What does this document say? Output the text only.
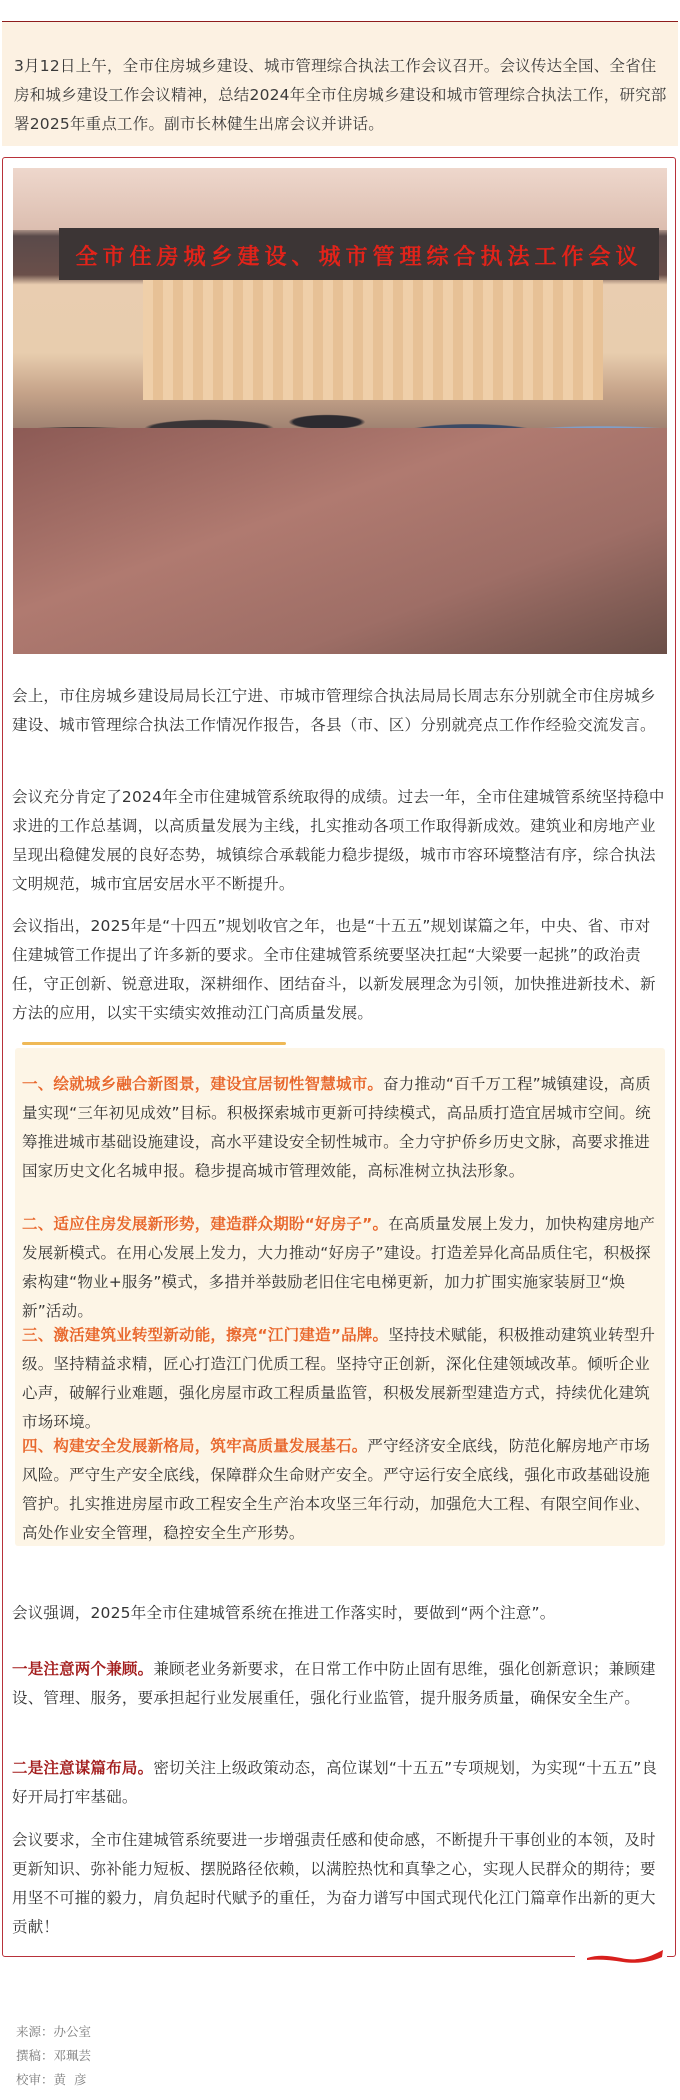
3月12日上午，全市住房城乡建设、城市管理综合执法工作会议召开。会议传达全国、全省住房和城乡建设工作会议精神，总结2024年全市住房城乡建设和城市管理综合执法工作，研究部署2025年重点工作。副市长林健生出席会议并讲话。

全市住房城乡建设、城市管理综合执法工作会议

会上，市住房城乡建设局局长江宁进、市城市管理综合执法局局长周志东分别就全市住房城乡建设、城市管理综合执法工作情况作报告，各县（市、区）分别就亮点工作作经验交流发言。

会议充分肯定了2024年全市住建城管系统取得的成绩。过去一年，全市住建城管系统坚持稳中求进的工作总基调，以高质量发展为主线，扎实推动各项工作取得新成效。建筑业和房地产业呈现出稳健发展的良好态势，城镇综合承载能力稳步提级，城市市容环境整洁有序，综合执法文明规范，城市宜居安居水平不断提升。

会议指出，2025年是“十四五”规划收官之年，也是“十五五”规划谋篇之年，中央、省、市对住建城管工作提出了许多新的要求。全市住建城管系统要坚决扛起“大梁要一起挑”的政治责任，守正创新、锐意进取，深耕细作、团结奋斗，以新发展理念为引领，加快推进新技术、新方法的应用，以实干实绩实效推动江门高质量发展。

一、绘就城乡融合新图景，建设宜居韧性智慧城市。奋力推动“百千万工程”城镇建设，高质量实现“三年初见成效”目标。积极探索城市更新可持续模式，高品质打造宜居城市空间。统筹推进城市基础设施建设，高水平建设安全韧性城市。全力守护侨乡历史文脉，高要求推进国家历史文化名城申报。稳步提高城市管理效能，高标准树立执法形象。

二、适应住房发展新形势，建造群众期盼“好房子”。在高质量发展上发力，加快构建房地产发展新模式。在用心发展上发力，大力推动“好房子”建设。打造差异化高品质住宅，积极探索构建“物业+服务”模式，多措并举鼓励老旧住宅电梯更新，加力扩围实施家装厨卫“焕新”活动。

三、激活建筑业转型新动能，擦亮“江门建造”品牌。坚持技术赋能，积极推动建筑业转型升级。坚持精益求精，匠心打造江门优质工程。坚持守正创新，深化住建领域改革。倾听企业心声，破解行业难题，强化房屋市政工程质量监管，积极发展新型建造方式，持续优化建筑市场环境。

四、构建安全发展新格局，筑牢高质量发展基石。严守经济安全底线，防范化解房地产市场风险。严守生产安全底线，保障群众生命财产安全。严守运行安全底线，强化市政基础设施管护。扎实推进房屋市政工程安全生产治本攻坚三年行动，加强危大工程、有限空间作业、高处作业安全管理，稳控安全生产形势。

会议强调，2025年全市住建城管系统在推进工作落实时，要做到“两个注意”。

一是注意两个兼顾。兼顾老业务新要求，在日常工作中防止固有思维，强化创新意识；兼顾建设、管理、服务，要承担起行业发展重任，强化行业监管，提升服务质量，确保安全生产。

二是注意谋篇布局。密切关注上级政策动态，高位谋划“十五五”专项规划，为实现“十五五”良好开局打牢基础。

会议要求，全市住建城管系统要进一步增强责任感和使命感，不断提升干事创业的本领，及时更新知识、弥补能力短板、摆脱路径依赖，以满腔热忱和真挚之心，实现人民群众的期待；要用坚不可摧的毅力，肩负起时代赋予的重任，为奋力谱写中国式现代化江门篇章作出新的更大贡献！

来源：办公室
撰稿：邓珮芸
校审：黄  彦
